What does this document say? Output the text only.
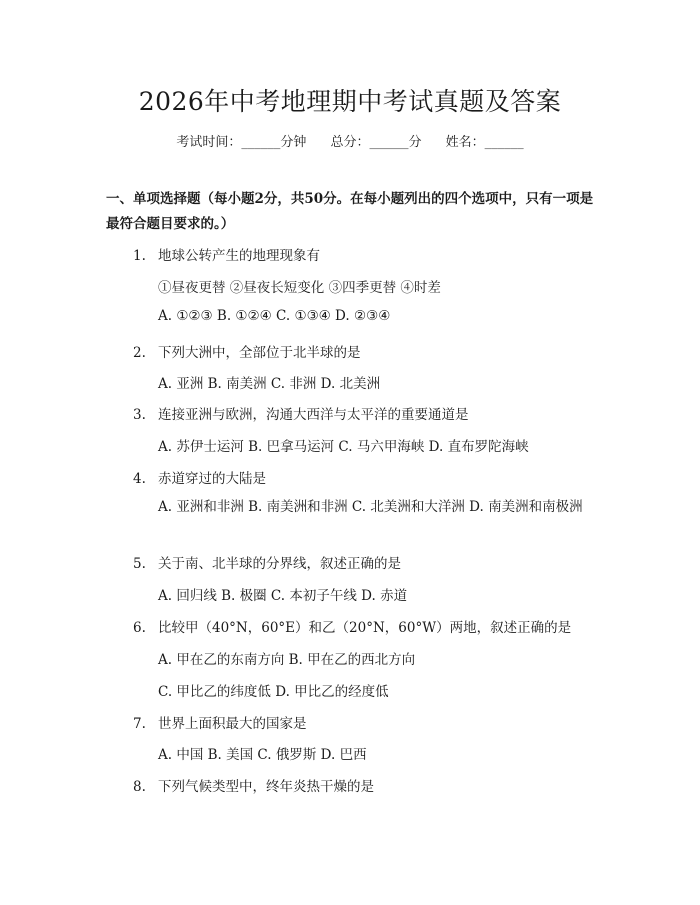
2026年中考地理期中考试真题及答案
考试时间：______分钟 总分：______分 姓名：______
一、单项选择题（每小题2分，共50分。在每小题列出的四个选项中，只有一项是最符合题目要求的。）
1. 地球公转产生的地理现象有
①昼夜更替 ②昼夜长短变化 ③四季更替 ④时差
A. ①②③ B. ①②④ C. ①③④ D. ②③④
2. 下列大洲中，全部位于北半球的是
A. 亚洲 B. 南美洲 C. 非洲 D. 北美洲
3. 连接亚洲与欧洲，沟通大西洋与太平洋的重要通道是
A. 苏伊士运河 B. 巴拿马运河 C. 马六甲海峡 D. 直布罗陀海峡
4. 赤道穿过的大陆是
A. 亚洲和非洲 B. 南美洲和非洲 C. 北美洲和大洋洲 D. 南美洲和南极洲
5. 关于南、北半球的分界线，叙述正确的是
A. 回归线 B. 极圈 C. 本初子午线 D. 赤道
6. 比较甲（40°N，60°E）和乙（20°N，60°W）两地，叙述正确的是
A. 甲在乙的东南方向 B. 甲在乙的西北方向
C. 甲比乙的纬度低 D. 甲比乙的经度低
7. 世界上面积最大的国家是
A. 中国 B. 美国 C. 俄罗斯 D. 巴西
8. 下列气候类型中，终年炎热干燥的是
